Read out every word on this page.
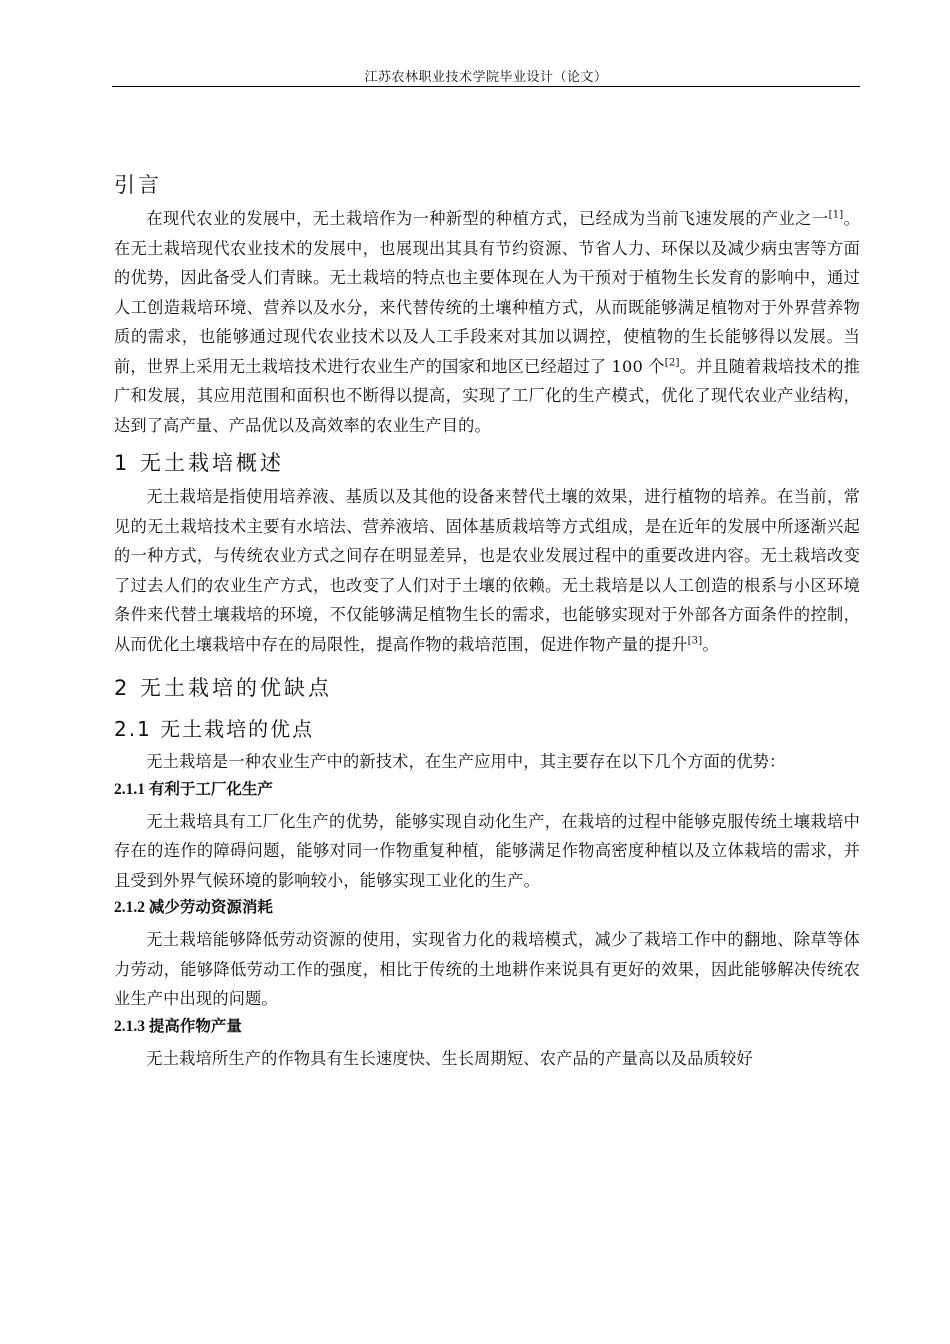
江苏农林职业技术学院毕业设计（论文）
引言

在现代农业的发展中，无土栽培作为一种新型的种植方式，已经成为当前飞速发展的产业之一[1]。在无土栽培现代农业技术的发展中，也展现出其具有节约资源、节省人力、环保以及减少病虫害等方面的优势，因此备受人们青睐。无土栽培的特点也主要体现在人为干预对于植物生长发育的影响中，通过人工创造栽培环境、营养以及水分，来代替传统的土壤种植方式，从而既能够满足植物对于外界营养物质的需求，也能够通过现代农业技术以及人工手段来对其加以调控，使植物的生长能够得以发展。当前，世界上采用无土栽培技术进行农业生产的国家和地区已经超过了 100 个[2]。并且随着栽培技术的推广和发展，其应用范围和面积也不断得以提高，实现了工厂化的生产模式，优化了现代农业产业结构，达到了高产量、产品优以及高效率的农业生产目的。

1 无土栽培概述

无土栽培是指使用培养液、基质以及其他的设备来替代土壤的效果，进行植物的培养。在当前，常见的无土栽培技术主要有水培法、营养液培、固体基质栽培等方式组成，是在近年的发展中所逐渐兴起的一种方式，与传统农业方式之间存在明显差异，也是农业发展过程中的重要改进内容。无土栽培改变了过去人们的农业生产方式，也改变了人们对于土壤的依赖。无土栽培是以人工创造的根系与小区环境条件来代替土壤栽培的环境，不仅能够满足植物生长的需求，也能够实现对于外部各方面条件的控制，从而优化土壤栽培中存在的局限性，提高作物的栽培范围，促进作物产量的提升[3]。

2 无土栽培的优缺点
2.1 无土栽培的优点

无土栽培是一种农业生产中的新技术，在生产应用中，其主要存在以下几个方面的优势：

2.1.1 有利于工厂化生产

无土栽培具有工厂化生产的优势，能够实现自动化生产，在栽培的过程中能够克服传统土壤栽培中存在的连作的障碍问题，能够对同一作物重复种植，能够满足作物高密度种植以及立体栽培的需求，并且受到外界气候环境的影响较小，能够实现工业化的生产。

2.1.2 减少劳动资源消耗

无土栽培能够降低劳动资源的使用，实现省力化的栽培模式，减少了栽培工作中的翻地、除草等体力劳动，能够降低劳动工作的强度，相比于传统的土地耕作来说具有更好的效果，因此能够解决传统农业生产中出现的问题。

2.1.3 提高作物产量

无土栽培所生产的作物具有生长速度快、生长周期短、农产品的产量高以及品质较好
